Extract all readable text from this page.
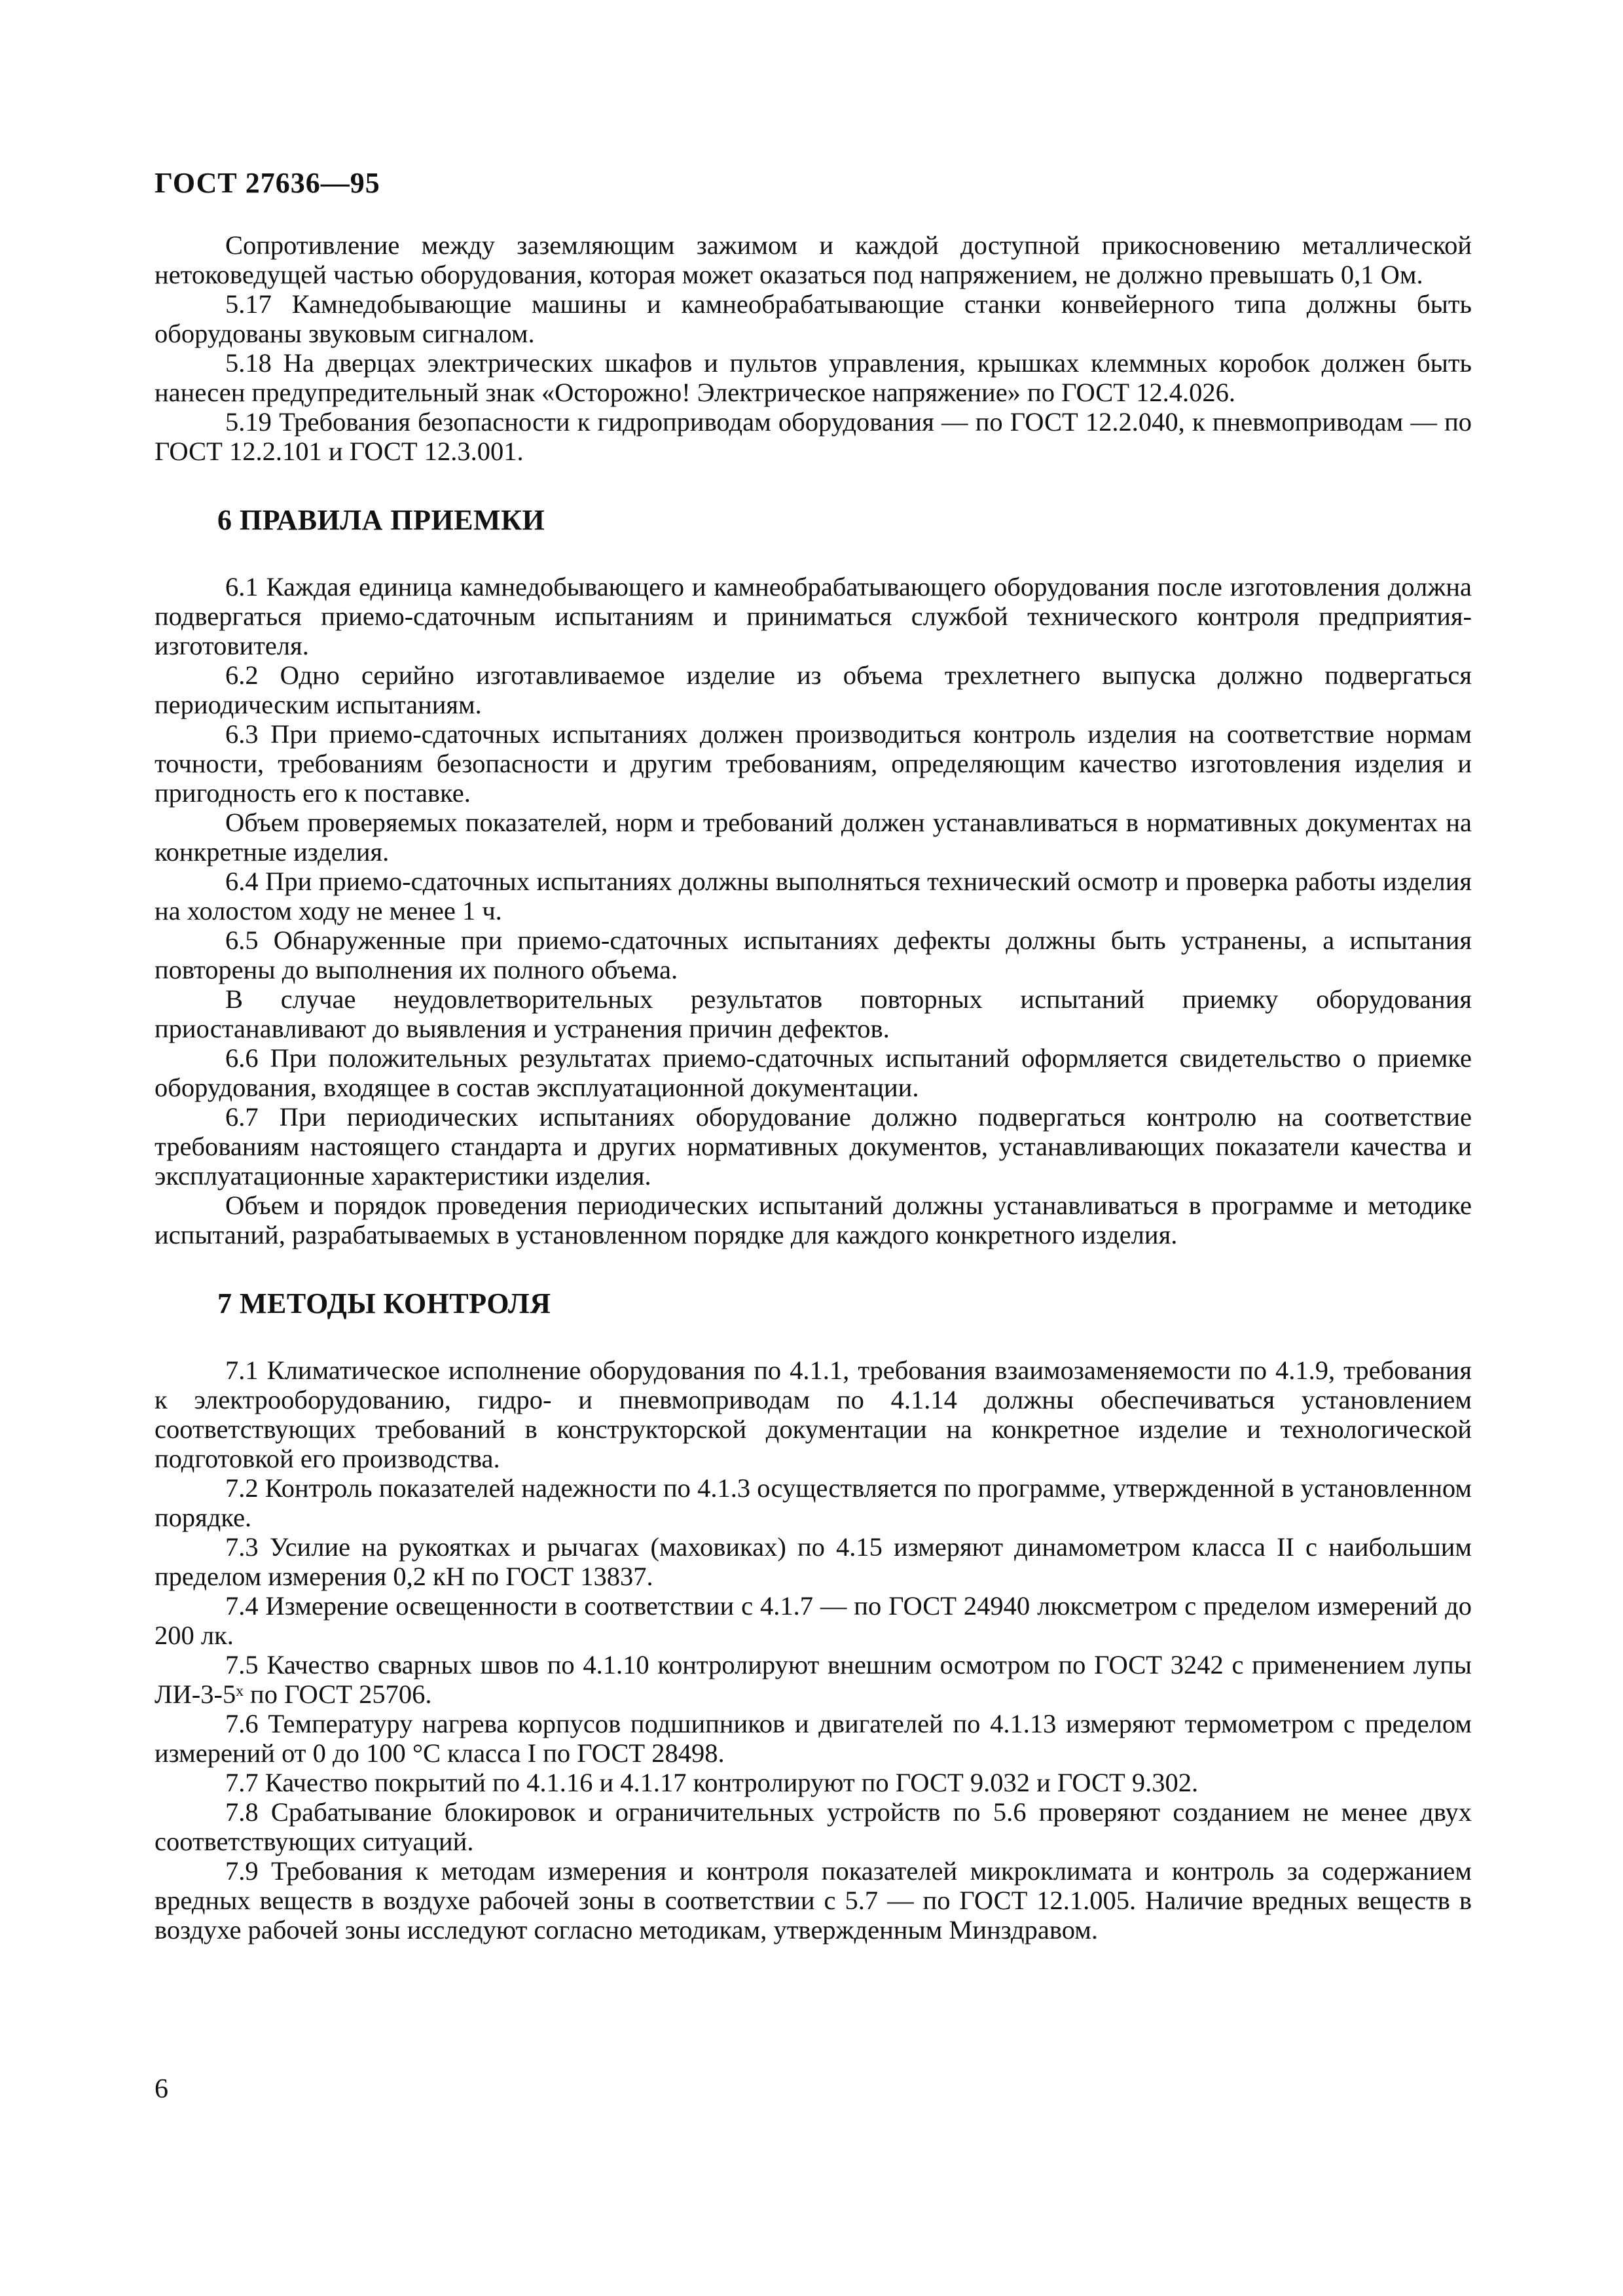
ГОСТ 27636—95

Сопротивление между заземляющим зажимом и каждой доступной прикосновению металлической нетоковедущей частью оборудования, которая может оказаться под напряжением, не должно превышать 0,1 Ом.

5.17 Камнедобывающие машины и камнеобрабатывающие станки конвейерного типа должны быть оборудованы звуковым сигналом.

5.18 На дверцах электрических шкафов и пультов управления, крышках клеммных коробок должен быть нанесен предупредительный знак «Осторожно! Электрическое напряжение» по ГОСТ 12.4.026.

5.19 Требования безопасности к гидроприводам оборудования — по ГОСТ 12.2.040, к пневмоприводам — по ГОСТ 12.2.101 и ГОСТ 12.3.001.

6 ПРАВИЛА ПРИЕМКИ

6.1 Каждая единица камнедобывающего и камнеобрабатывающего оборудования после изготовления должна подвергаться приемо-сдаточным испытаниям и приниматься службой технического контроля предприятия-изготовителя.

6.2 Одно серийно изготавливаемое изделие из объема трехлетнего выпуска должно подвергаться периодическим испытаниям.

6.3 При приемо-сдаточных испытаниях должен производиться контроль изделия на соответствие нормам точности, требованиям безопасности и другим требованиям, определяющим качество изготовления изделия и пригодность его к поставке.

Объем проверяемых показателей, норм и требований должен устанавливаться в нормативных документах на конкретные изделия.

6.4 При приемо-сдаточных испытаниях должны выполняться технический осмотр и проверка работы изделия на холостом ходу не менее 1 ч.

6.5 Обнаруженные при приемо-сдаточных испытаниях дефекты должны быть устранены, а испытания повторены до выполнения их полного объема.

В случае неудовлетворительных результатов повторных испытаний приемку оборудования приостанавливают до выявления и устранения причин дефектов.

6.6 При положительных результатах приемо-сдаточных испытаний оформляется свидетельство о приемке оборудования, входящее в состав эксплуатационной документации.

6.7 При периодических испытаниях оборудование должно подвергаться контролю на соответствие требованиям настоящего стандарта и других нормативных документов, устанавливающих показатели качества и эксплуатационные характеристики изделия.

Объем и порядок проведения периодических испытаний должны устанавливаться в программе и методике испытаний, разрабатываемых в установленном порядке для каждого конкретного изделия.

7 МЕТОДЫ КОНТРОЛЯ

7.1 Климатическое исполнение оборудования по 4.1.1, требования взаимозаменяемости по 4.1.9, требования к электрооборудованию, гидро- и пневмоприводам по 4.1.14 должны обеспечиваться установлением соответствующих требований в конструкторской документации на конкретное изделие и технологической подготовкой его производства.

7.2 Контроль показателей надежности по 4.1.3 осуществляется по программе, утвержденной в установленном порядке.

7.3 Усилие на рукоятках и рычагах (маховиках) по 4.15 измеряют динамометром класса II с наибольшим пределом измерения 0,2 кН по ГОСТ 13837.

7.4 Измерение освещенности в соответствии с 4.1.7 — по ГОСТ 24940 люксметром с пределом измерений до 200 лк.

7.5 Качество сварных швов по 4.1.10 контролируют внешним осмотром по ГОСТ 3242 с применением лупы ЛИ-3-5ˣ по ГОСТ 25706.

7.6 Температуру нагрева корпусов подшипников и двигателей по 4.1.13 измеряют термометром с пределом измерений от 0 до 100 °С класса I по ГОСТ 28498.

7.7 Качество покрытий по 4.1.16 и 4.1.17 контролируют по ГОСТ 9.032 и ГОСТ 9.302.

7.8 Срабатывание блокировок и ограничительных устройств по 5.6 проверяют созданием не менее двух соответствующих ситуаций.

7.9 Требования к методам измерения и контроля показателей микроклимата и контроль за содержанием вредных веществ в воздухе рабочей зоны в соответствии с 5.7 — по ГОСТ 12.1.005. Наличие вредных веществ в воздухе рабочей зоны исследуют согласно методикам, утвержденным Минздравом.

6
